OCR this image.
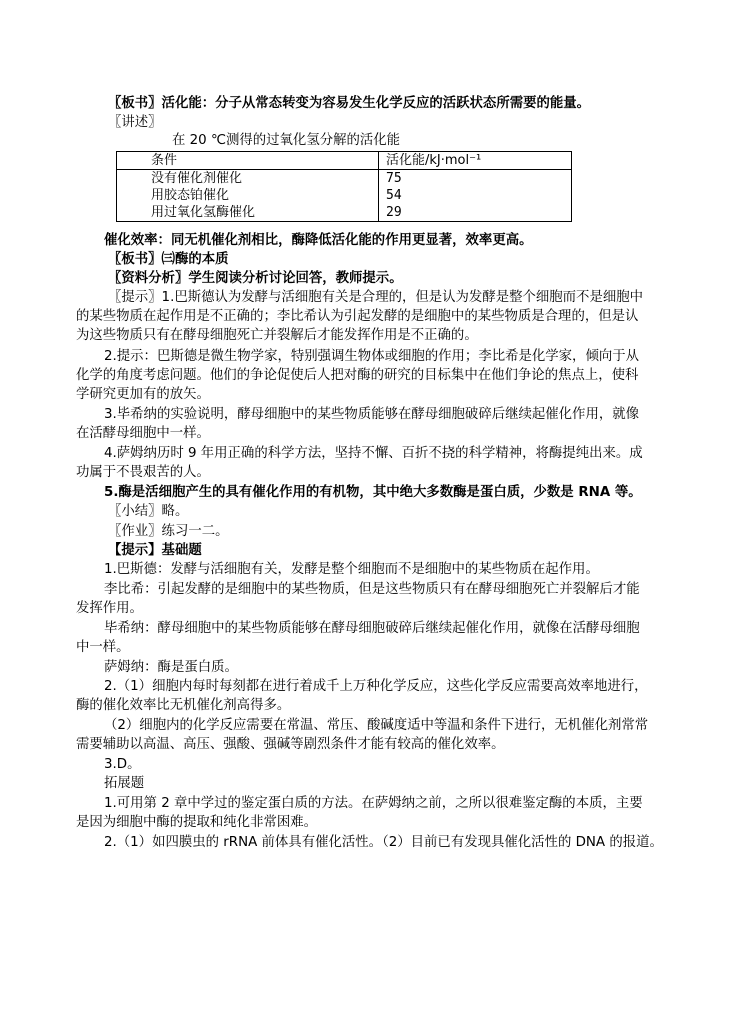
〖板书〗活化能：分子从常态转变为容易发生化学反应的活跃状态所需要的能量。
〖讲述〗
在 20 ℃测得的过氧化氢分解的活化能
条件	活化能/kJ·mol⁻¹
没有催化剂催化	75
用胶态铂催化	54
用过氧化氢酶催化	29
催化效率：同无机催化剂相比，酶降低活化能的作用更显著，效率更高。
〖板书〗㈢酶的本质
〖资料分析〗学生阅读分析讨论回答，教师提示。
〖提示〗1.巴斯德认为发酵与活细胞有关是合理的，但是认为发酵是整个细胞而不是细胞中
的某些物质在起作用是不正确的；李比希认为引起发酵的是细胞中的某些物质是合理的，但是认
为这些物质只有在酵母细胞死亡并裂解后才能发挥作用是不正确的。
2.提示：巴斯德是微生物学家，特别强调生物体或细胞的作用；李比希是化学家，倾向于从
化学的角度考虑问题。他们的争论促使后人把对酶的研究的目标集中在他们争论的焦点上，使科
学研究更加有的放矢。
3.毕希纳的实验说明，酵母细胞中的某些物质能够在酵母细胞破碎后继续起催化作用，就像
在活酵母细胞中一样。
4.萨姆纳历时 9 年用正确的科学方法，坚持不懈、百折不挠的科学精神，将酶提纯出来。成
功属于不畏艰苦的人。
5.酶是活细胞产生的具有催化作用的有机物，其中绝大多数酶是蛋白质，少数是 RNA 等。
〖小结〗略。
〖作业〗练习一二。
【提示】基础题
1.巴斯德：发酵与活细胞有关，发酵是整个细胞而不是细胞中的某些物质在起作用。
李比希：引起发酵的是细胞中的某些物质，但是这些物质只有在酵母细胞死亡并裂解后才能
发挥作用。
毕希纳：酵母细胞中的某些物质能够在酵母细胞破碎后继续起催化作用，就像在活酵母细胞
中一样。
萨姆纳：酶是蛋白质。
2.（1）细胞内每时每刻都在进行着成千上万种化学反应，这些化学反应需要高效率地进行，
酶的催化效率比无机催化剂高得多。
（2）细胞内的化学反应需要在常温、常压、酸碱度适中等温和条件下进行，无机催化剂常常
需要辅助以高温、高压、强酸、强碱等剧烈条件才能有较高的催化效率。
3.D。
拓展题
1.可用第 2 章中学过的鉴定蛋白质的方法。在萨姆纳之前，之所以很难鉴定酶的本质，主要
是因为细胞中酶的提取和纯化非常困难。
2.（1）如四膜虫的 rRNA 前体具有催化活性。（2）目前已有发现具催化活性的 DNA 的报道。
